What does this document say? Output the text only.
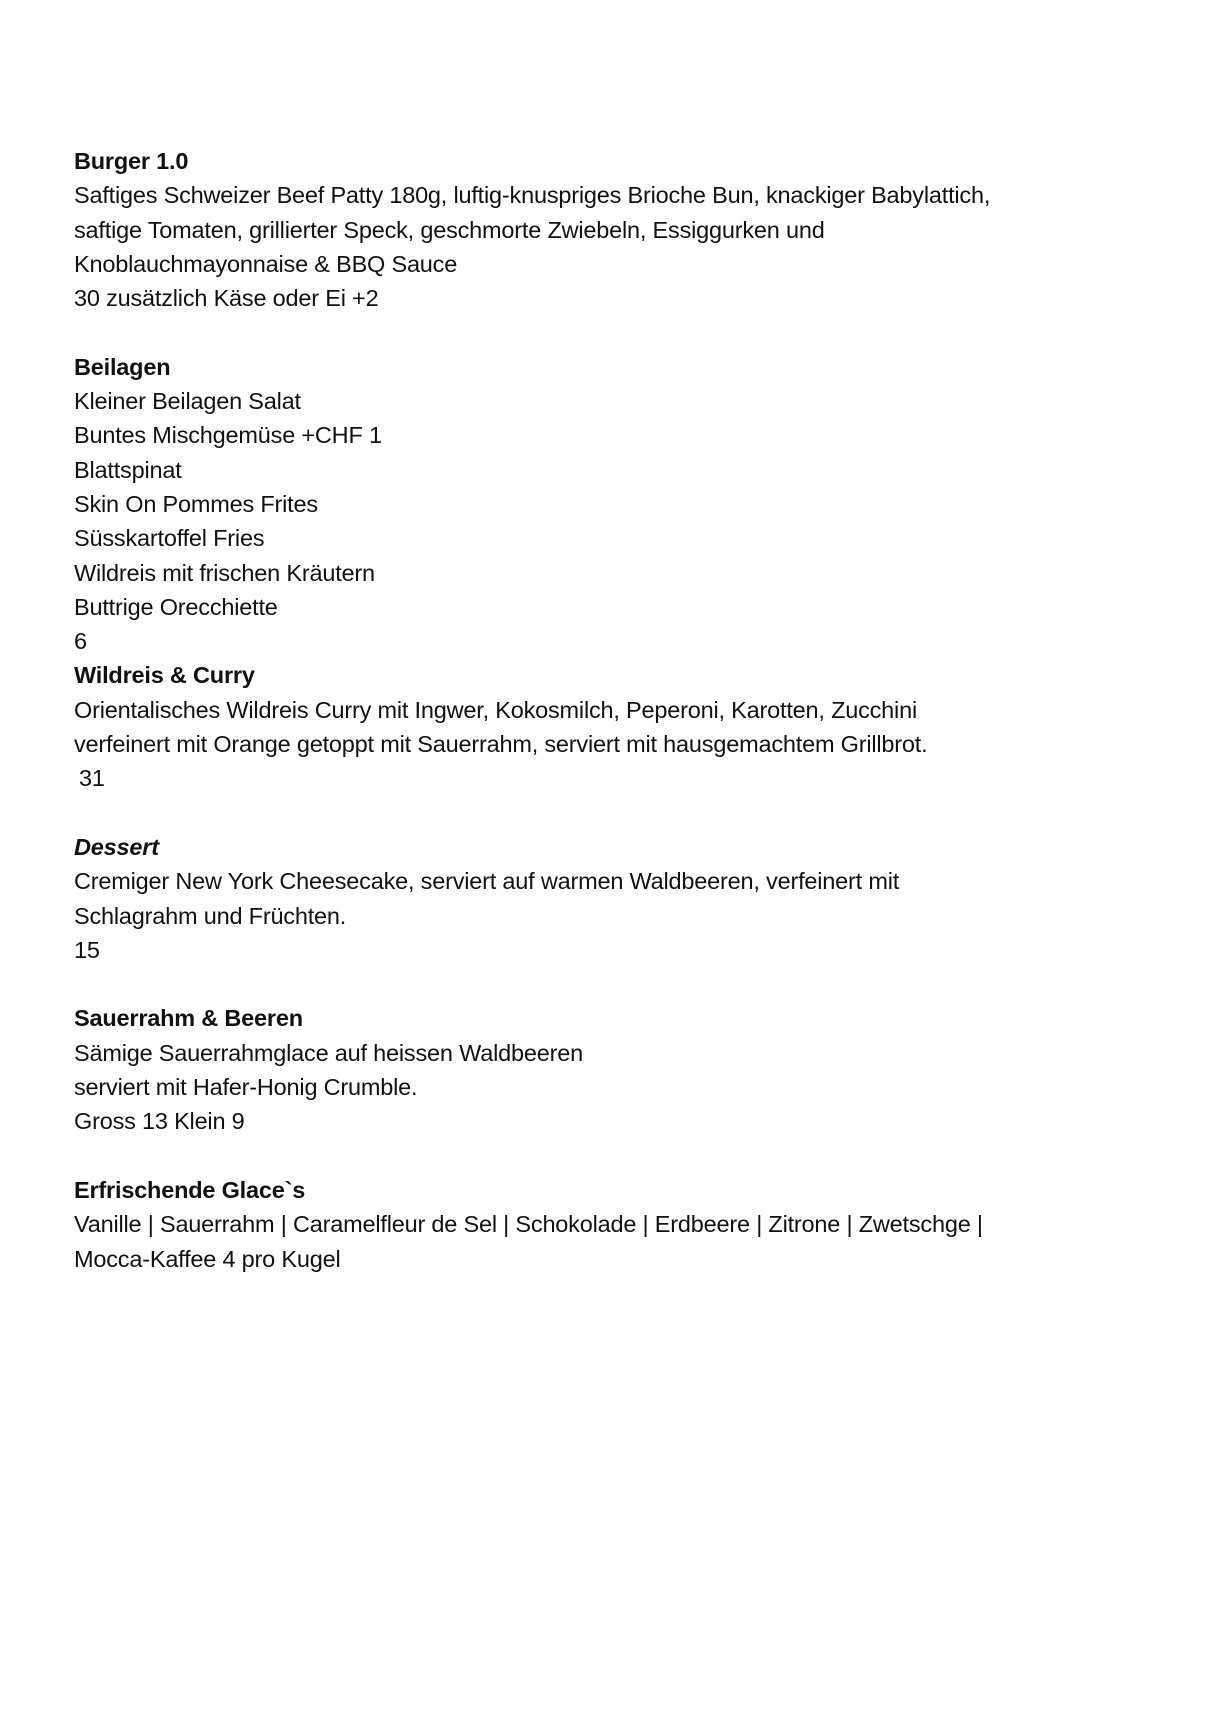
Burger 1.0
Saftiges Schweizer Beef Patty 180g, luftig-knuspriges Brioche Bun, knackiger Babylattich,
saftige Tomaten, grillierter Speck, geschmorte Zwiebeln, Essiggurken und
Knoblauchmayonnaise & BBQ Sauce
30 zusätzlich Käse oder Ei +2
Beilagen
Kleiner Beilagen Salat
Buntes Mischgemüse +CHF 1
Blattspinat
Skin On Pommes Frites
Süsskartoffel Fries
Wildreis mit frischen Kräutern
Buttrige Orecchiette
6
Wildreis & Curry
Orientalisches Wildreis Curry mit Ingwer, Kokosmilch, Peperoni, Karotten, Zucchini
verfeinert mit Orange getoppt mit Sauerrahm, serviert mit hausgemachtem Grillbrot.
31
Dessert
Cremiger New York Cheesecake, serviert auf warmen Waldbeeren, verfeinert mit
Schlagrahm und Früchten.
15
Sauerrahm & Beeren
Sämige Sauerrahmglace auf heissen Waldbeeren
serviert mit Hafer-Honig Crumble.
Gross 13 Klein 9
Erfrischende Glace`s
Vanille | Sauerrahm | Caramelfleur de Sel | Schokolade | Erdbeere | Zitrone | Zwetschge |
Mocca-Kaffee 4 pro Kugel
